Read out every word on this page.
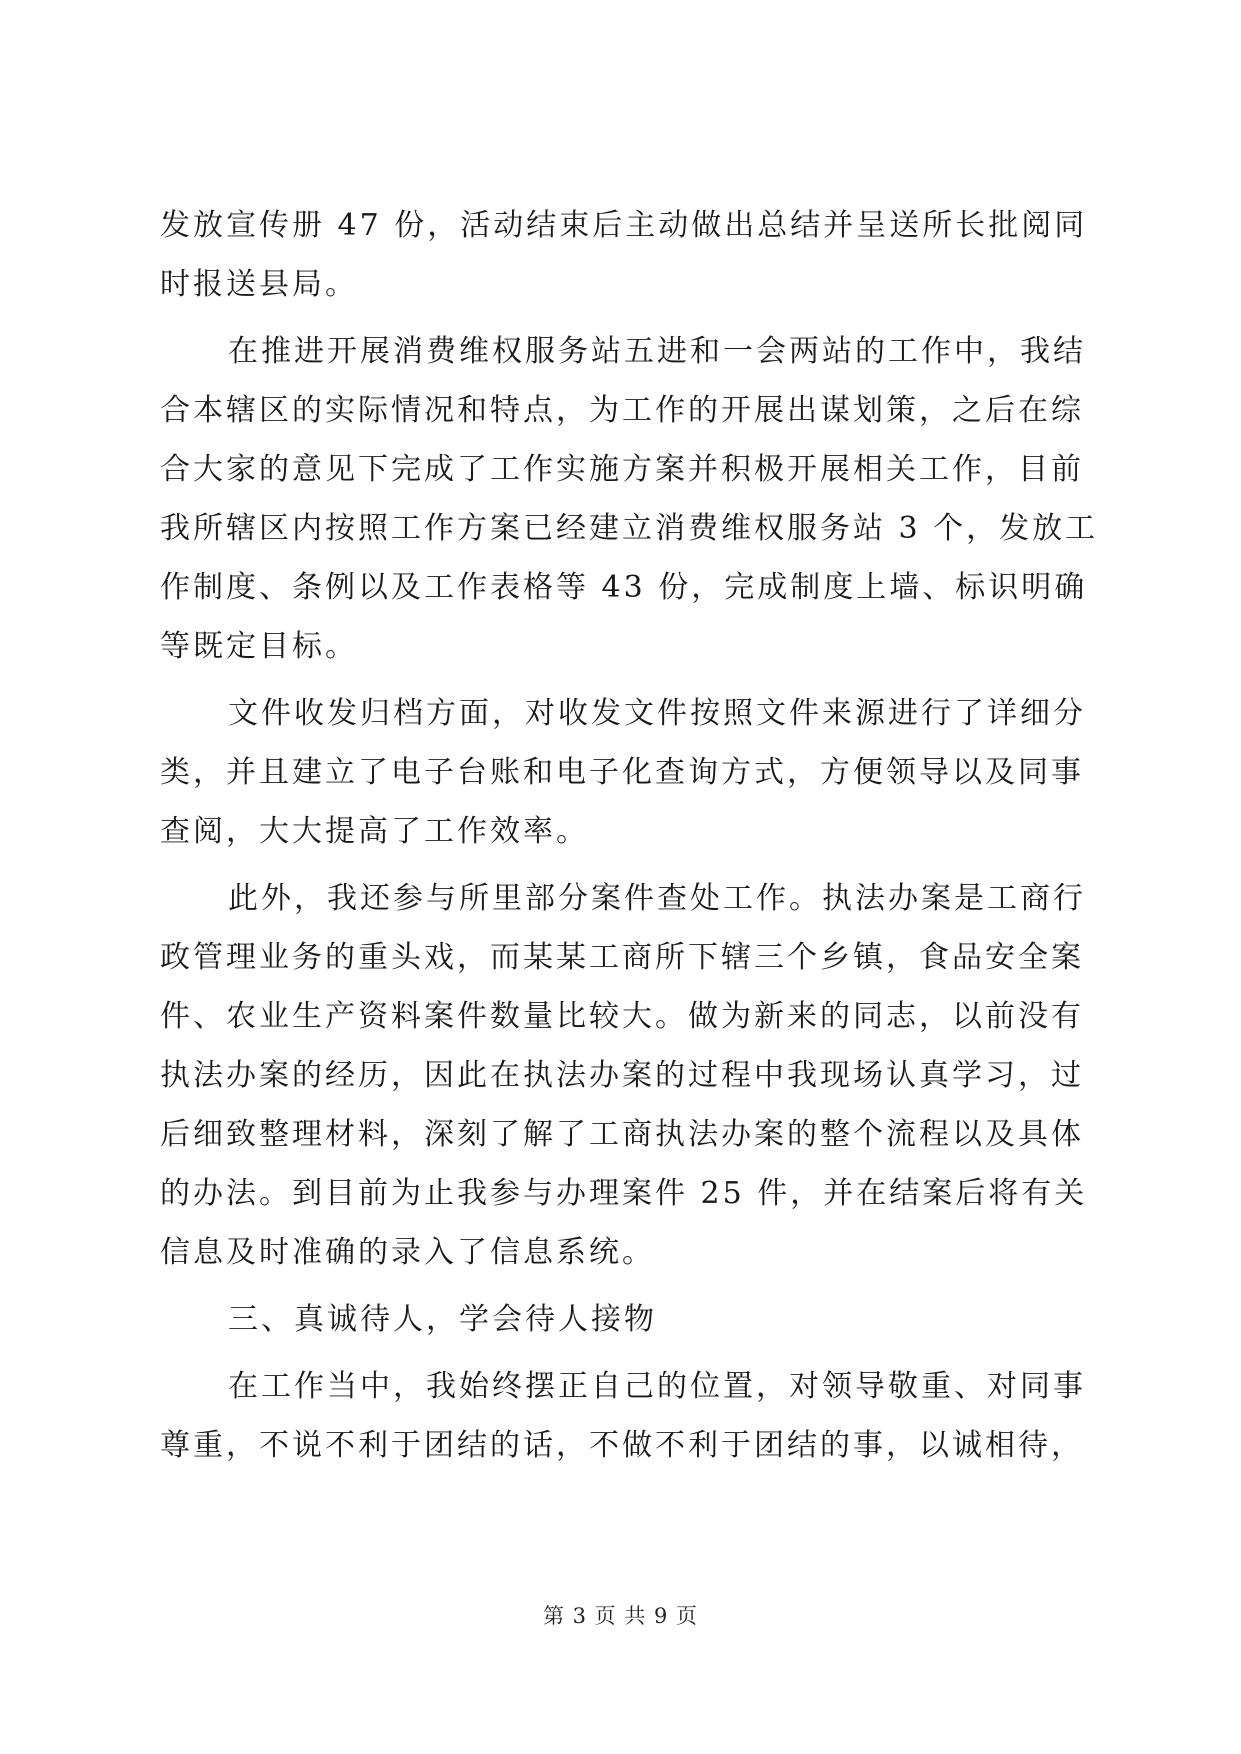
发放宣传册 47 份，活动结束后主动做出总结并呈送所长批阅同
时报送县局。

在推进开展消费维权服务站五进和一会两站的工作中，我结
合本辖区的实际情况和特点，为工作的开展出谋划策，之后在综
合大家的意见下完成了工作实施方案并积极开展相关工作，目前
我所辖区内按照工作方案已经建立消费维权服务站 3 个，发放工
作制度、条例以及工作表格等 43 份，完成制度上墙、标识明确
等既定目标。

文件收发归档方面，对收发文件按照文件来源进行了详细分
类，并且建立了电子台账和电子化查询方式，方便领导以及同事
查阅，大大提高了工作效率。

此外，我还参与所里部分案件查处工作。执法办案是工商行
政管理业务的重头戏，而某某工商所下辖三个乡镇，食品安全案
件、农业生产资料案件数量比较大。做为新来的同志，以前没有
执法办案的经历，因此在执法办案的过程中我现场认真学习，过
后细致整理材料，深刻了解了工商执法办案的整个流程以及具体
的办法。到目前为止我参与办理案件 25 件，并在结案后将有关
信息及时准确的录入了信息系统。

三、真诚待人，学会待人接物

在工作当中，我始终摆正自己的位置，对领导敬重、对同事
尊重，不说不利于团结的话，不做不利于团结的事，以诚相待，

第 3 页 共 9 页
